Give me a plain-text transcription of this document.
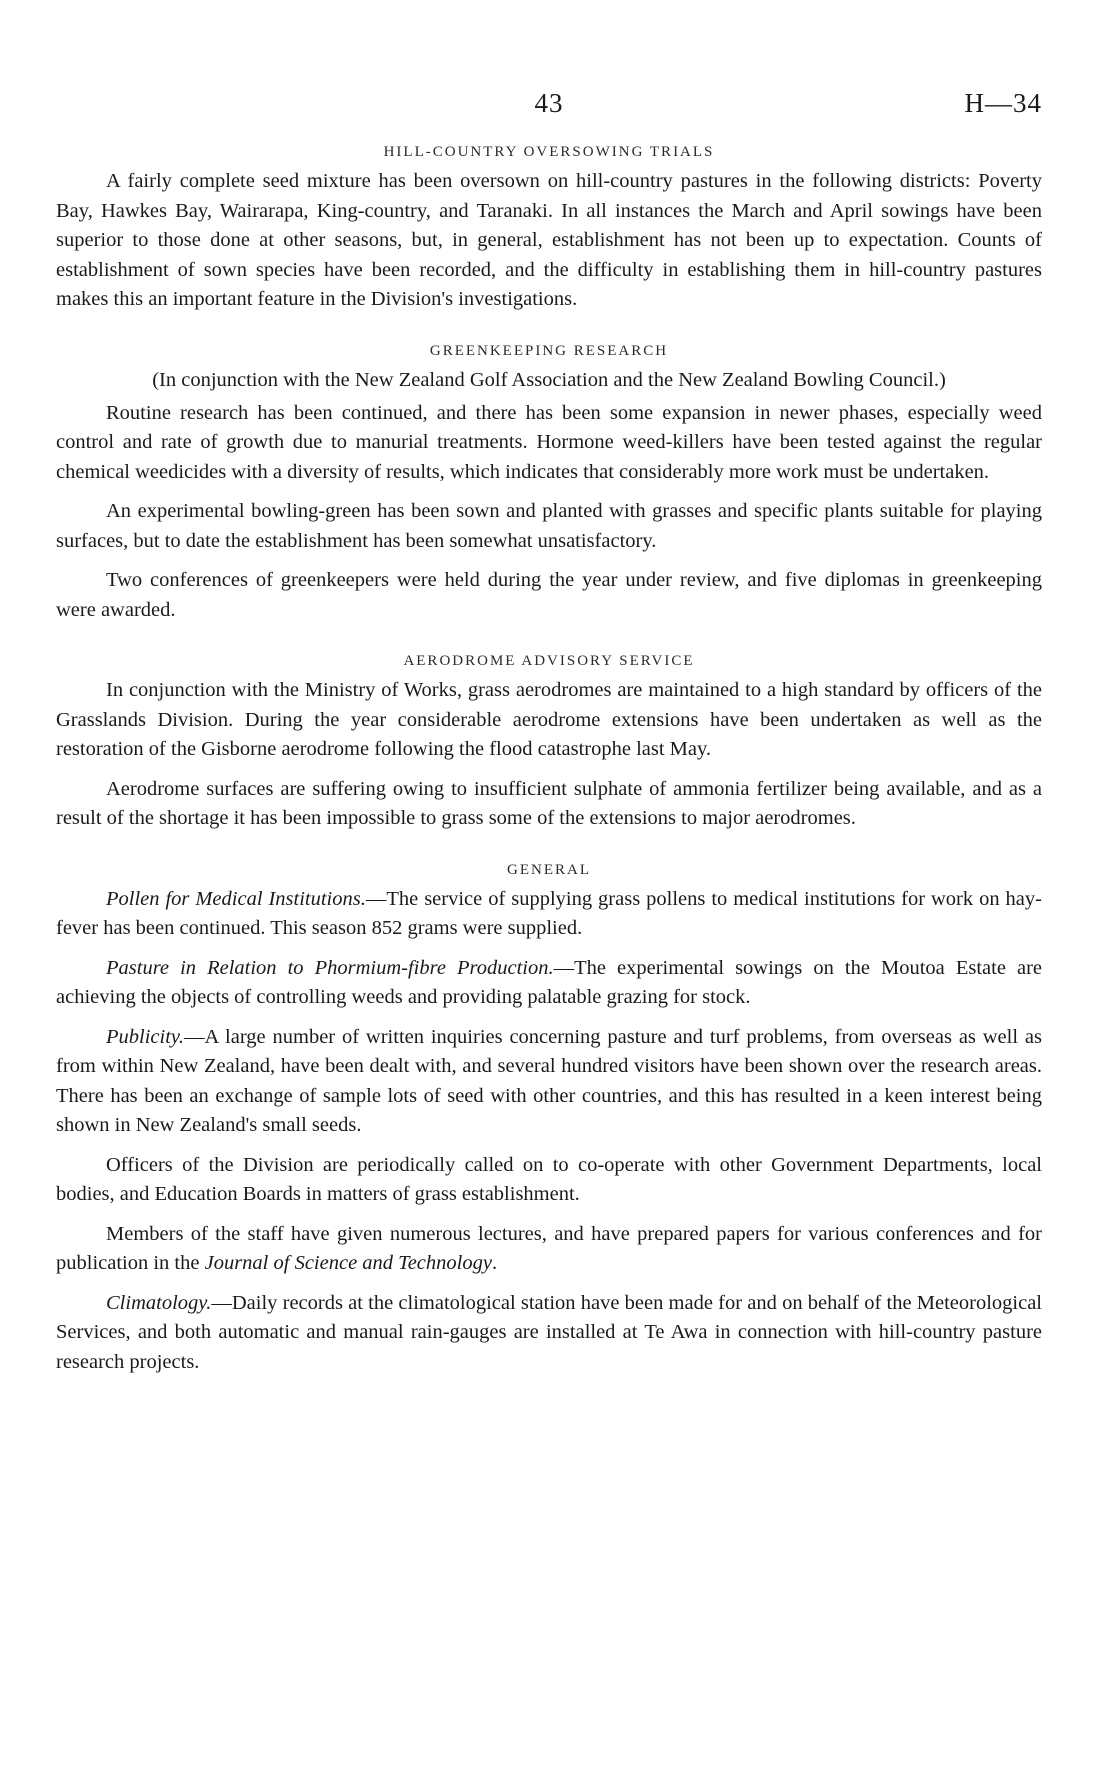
43	H—34
HILL-COUNTRY OVERSOWING TRIALS

A fairly complete seed mixture has been oversown on hill-country pastures in the following districts: Poverty Bay, Hawkes Bay, Wairarapa, King-country, and Taranaki. In all instances the March and April sowings have been superior to those done at other seasons, but, in general, establishment has not been up to expectation. Counts of establishment of sown species have been recorded, and the difficulty in establishing them in hill-country pastures makes this an important feature in the Division's investigations.

GREENKEEPING RESEARCH
(In conjunction with the New Zealand Golf Association and the New Zealand Bowling Council.)

Routine research has been continued, and there has been some expansion in newer phases, especially weed control and rate of growth due to manurial treatments. Hormone weed-killers have been tested against the regular chemical weedicides with a diversity of results, which indicates that considerably more work must be undertaken.

An experimental bowling-green has been sown and planted with grasses and specific plants suitable for playing surfaces, but to date the establishment has been somewhat unsatisfactory.

Two conferences of greenkeepers were held during the year under review, and five diplomas in greenkeeping were awarded.

AERODROME ADVISORY SERVICE

In conjunction with the Ministry of Works, grass aerodromes are maintained to a high standard by officers of the Grasslands Division. During the year considerable aerodrome extensions have been undertaken as well as the restoration of the Gisborne aerodrome following the flood catastrophe last May.

Aerodrome surfaces are suffering owing to insufficient sulphate of ammonia fertilizer being available, and as a result of the shortage it has been impossible to grass some of the extensions to major aerodromes.

GENERAL

Pollen for Medical Institutions.—The service of supplying grass pollens to medical institutions for work on hay-fever has been continued. This season 852 grams were supplied.

Pasture in Relation to Phormium-fibre Production.—The experimental sowings on the Moutoa Estate are achieving the objects of controlling weeds and providing palatable grazing for stock.

Publicity.—A large number of written inquiries concerning pasture and turf problems, from overseas as well as from within New Zealand, have been dealt with, and several hundred visitors have been shown over the research areas. There has been an exchange of sample lots of seed with other countries, and this has resulted in a keen interest being shown in New Zealand's small seeds.

Officers of the Division are periodically called on to co-operate with other Government Departments, local bodies, and Education Boards in matters of grass establishment.

Members of the staff have given numerous lectures, and have prepared papers for various conferences and for publication in the Journal of Science and Technology.

Climatology.—Daily records at the climatological station have been made for and on behalf of the Meteorological Services, and both automatic and manual rain-gauges are installed at Te Awa in connection with hill-country pasture research projects.
